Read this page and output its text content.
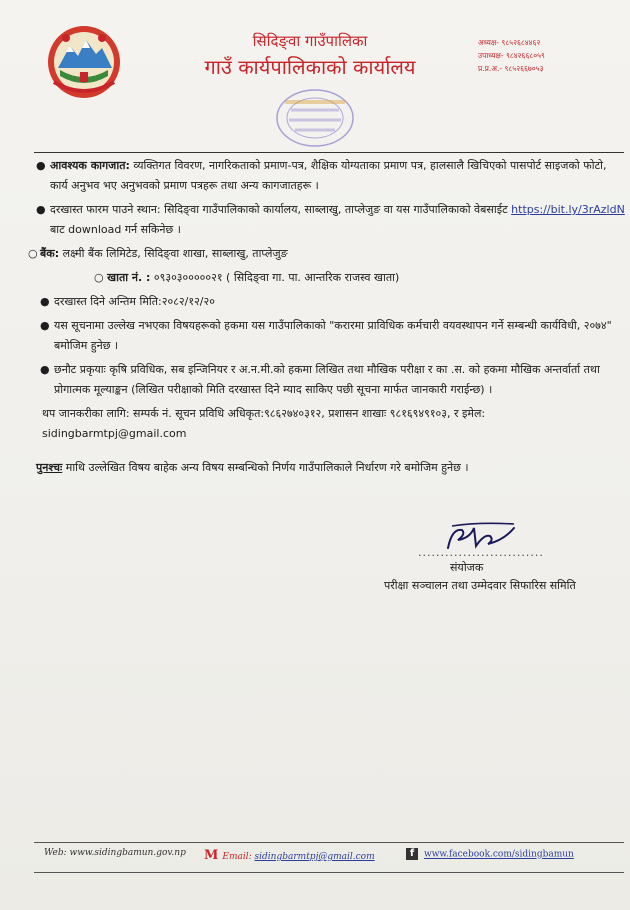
सिदिङ्वा गाउँपालिका
गाउँ कार्यपालिकाको कार्यालय
अध्यक्ष- ९८५२६८४४६२
उपाध्यक्ष- ९८४२६६८०५९
प्र.प्र.अ.- ९८५२६६७०५३
● आवश्यक कागजात: व्यक्तिगत विवरण, नागरिकताको प्रमाण-पत्र, शैक्षिक योग्यताका प्रमाण पत्र, हालसालै खिचिएको पासपोर्ट साइजको फोटो, कार्य अनुभव भए अनुभवको प्रमाण पत्रहरू तथा अन्य कागजातहरू ।
● दरखास्त फारम पाउने स्थान: सिदिङ्वा गाउँपालिकाको कार्यालय, साब्लाखु, ताप्लेजुङ वा यस गाउँपालिकाको वेबसाईट https://bit.ly/3rAzldN बाट download गर्न सकिनेछ ।
○ बैंक: लक्ष्मी बैंक लिमिटेड, सिदिङ्वा शाखा, साब्लाखु, ताप्लेजुङ
○ खाता नं. : ०९३०३०००००२१ ( सिदिङ्वा गा. पा. आन्तरिक राजस्व खाता)
● दरखास्त दिने अन्तिम मिति:२०८२/१२/२०
● यस सूचनामा उल्लेख नभएका विषयहरूको हकमा यस गाउँपालिकाको "करारमा प्राविधिक कर्मचारी वयवस्थापन गर्ने सम्बन्धी कार्यविधी, २०७४" बमोजिम हुनेछ ।
● छनौट प्रकृयाः कृषि प्रविधिक, सब इन्जिनियर र अ.न.मी.को हकमा लिखित तथा मौखिक परीक्षा र का .स. को हकमा मौखिक अन्तर्वार्ता तथा प्रोगात्मक मूल्याङ्कन (लिखित परीक्षाको मिति दरखास्त दिने म्याद साकिए पछी सूचना मार्फत जानकारी गराईन्छ) ।
थप जानकरीका लागि: सम्पर्क नं. सूचन प्रविधि अधिकृत:९८६२७४०३१२, प्रशासन शाखाः ९८१६९४९१०३, र इमेल: sidingbarmtpj@gmail.com
पुनश्चः माथि उल्लेखित विषय बाहेक अन्य विषय सम्बन्धिको निर्णय गाउँपालिकाले निर्धारण गरे बमोजिम हुनेछ ।
............................
संयोजक
परीक्षा सञ्चालन तथा उम्मेदवार सिफारिस समिति
Web: www.sidingbamun.gov.np M Email: sidingbarmtpj@gmail.com	f www.facebook.com/sidingbamun
